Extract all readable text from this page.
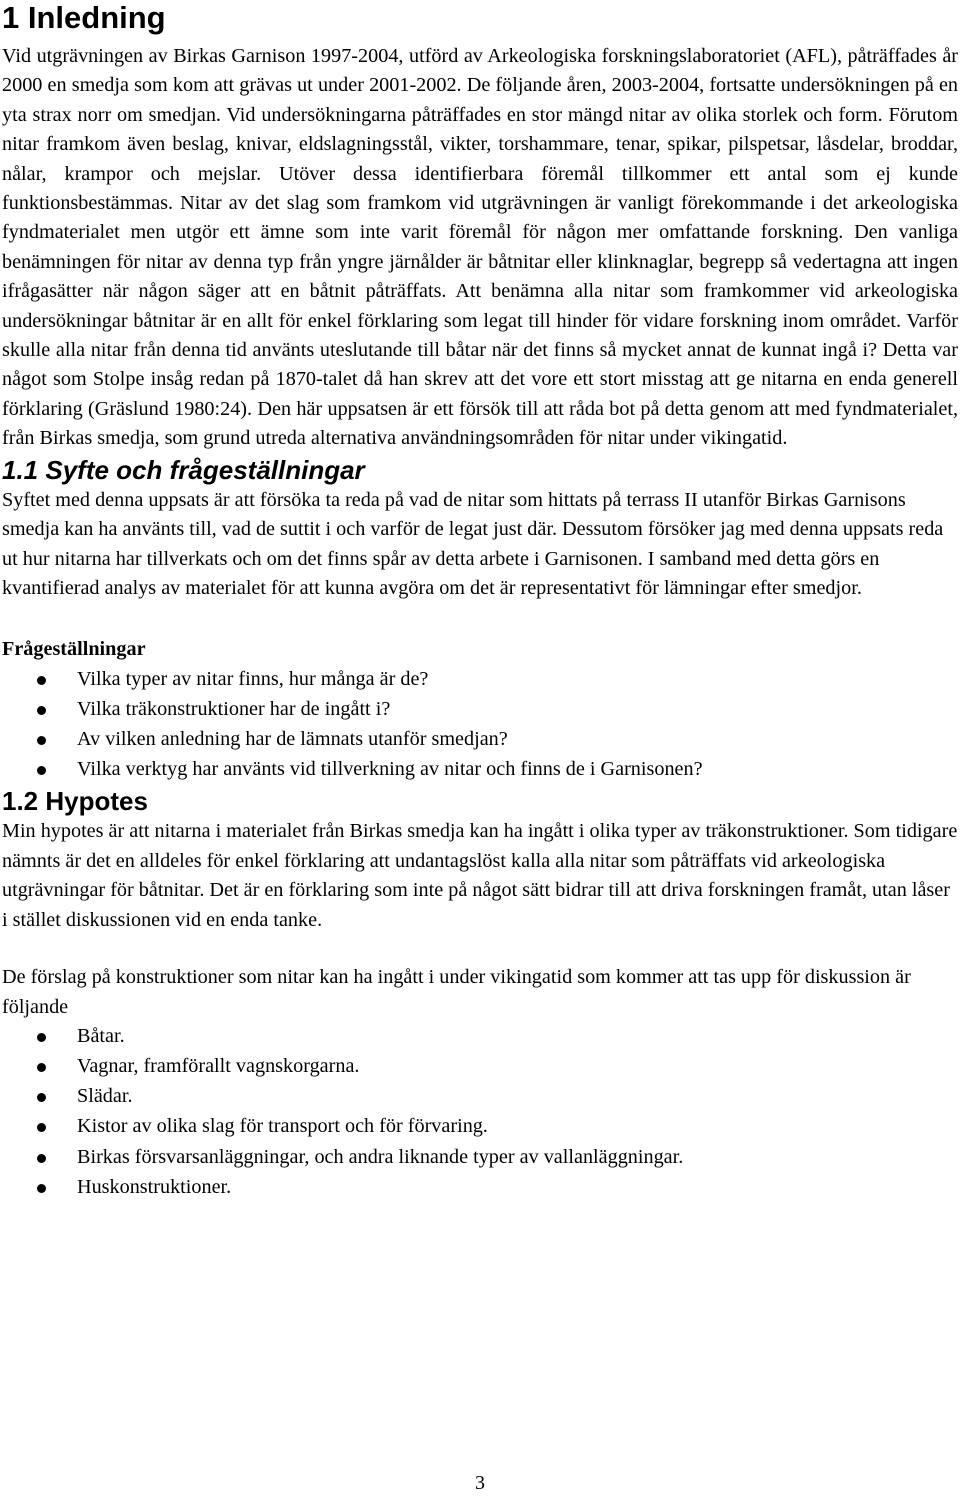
1 Inledning

Vid utgrävningen av Birkas Garnison 1997-2004, utförd av Arkeologiska forskningslaboratoriet (AFL), påträffades år 2000 en smedja som kom att grävas ut under 2001-2002. De följande åren, 2003-2004, fortsatte undersökningen på en yta strax norr om smedjan. Vid undersökningarna påträffades en stor mängd nitar av olika storlek och form. Förutom nitar framkom även beslag, knivar, eldslagningsstål, vikter, torshammare, tenar, spikar, pilspetsar, låsdelar, broddar, nålar, krampor och mejslar. Utöver dessa identifierbara föremål tillkommer ett antal som ej kunde funktionsbestämmas. Nitar av det slag som framkom vid utgrävningen är vanligt förekommande i det arkeologiska fyndmaterialet men utgör ett ämne som inte varit föremål för någon mer omfattande forskning. Den vanliga benämningen för nitar av denna typ från yngre järnålder är båtnitar eller klinknaglar, begrepp så vedertagna att ingen ifrågasätter när någon säger att en båtnit påträffats. Att benämna alla nitar som framkommer vid arkeologiska undersökningar båtnitar är en allt för enkel förklaring som legat till hinder för vidare forskning inom området. Varför skulle alla nitar från denna tid använts uteslutande till båtar när det finns så mycket annat de kunnat ingå i? Detta var något som Stolpe insåg redan på 1870-talet då han skrev att det vore ett stort misstag att ge nitarna en enda generell förklaring (Gräslund 1980:24). Den här uppsatsen är ett försök till att råda bot på detta genom att med fyndmaterialet, från Birkas smedja, som grund utreda alternativa användningsområden för nitar under vikingatid.

1.1 Syfte och frågeställningar

Syftet med denna uppsats är att försöka ta reda på vad de nitar som hittats på terrass II utanför Birkas Garnisons smedja kan ha använts till, vad de suttit i och varför de legat just där. Dessutom försöker jag med denna uppsats reda ut hur nitarna har tillverkats och om det finns spår av detta arbete i Garnisonen. I samband med detta görs en kvantifierad analys av materialet för att kunna avgöra om det är representativt för lämningar efter smedjor.

Frågeställningar

Vilka typer av nitar finns, hur många är de?
Vilka träkonstruktioner har de ingått i?
Av vilken anledning har de lämnats utanför smedjan?
Vilka verktyg har använts vid tillverkning av nitar och finns de i Garnisonen?
1.2 Hypotes

Min hypotes är att nitarna i materialet från Birkas smedja kan ha ingått i olika typer av träkonstruktioner. Som tidigare nämnts är det en alldeles för enkel förklaring att undantagslöst kalla alla nitar som påträffats vid arkeologiska utgrävningar för båtnitar. Det är en förklaring som inte på något sätt bidrar till att driva forskningen framåt, utan låser i stället diskussionen vid en enda tanke.

De förslag på konstruktioner som nitar kan ha ingått i under vikingatid som kommer att tas upp för diskussion är följande

Båtar.
Vagnar, framförallt vagnskorgarna.
Slädar.
Kistor av olika slag för transport och för förvaring.
Birkas försvarsanläggningar, och andra liknande typer av vallanläggningar.
Huskonstruktioner.
3
